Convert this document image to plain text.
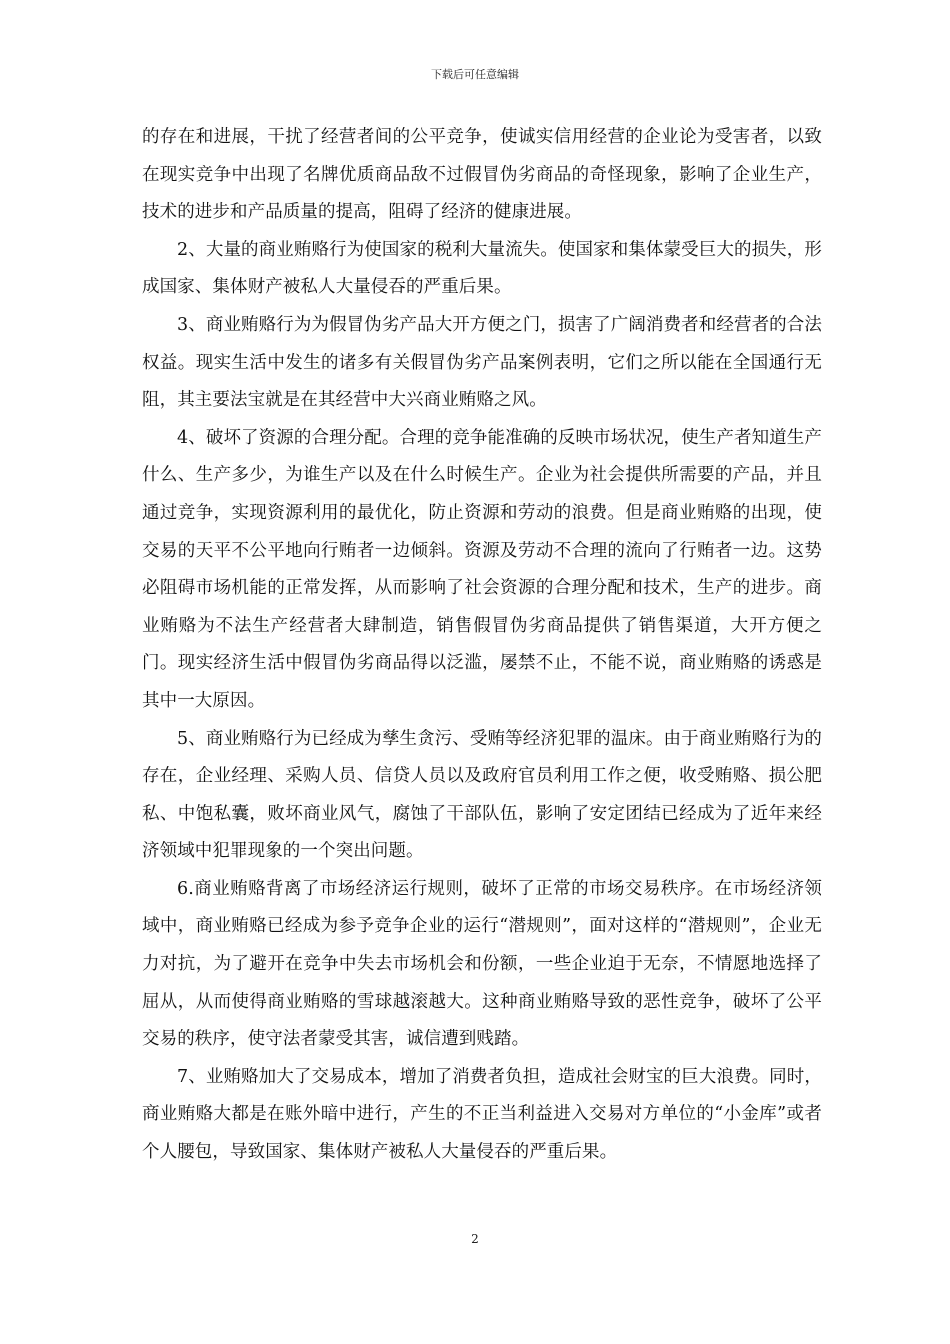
下载后可任意编辑

的存在和进展，干扰了经营者间的公平竞争，使诚实信用经营的企业论为受害者，以致在现实竞争中出现了名牌优质商品敌不过假冒伪劣商品的奇怪现象，影响了企业生产，技术的进步和产品质量的提高，阻碍了经济的健康进展。

2、大量的商业贿赂行为使国家的税利大量流失。使国家和集体蒙受巨大的损失，形成国家、集体财产被私人大量侵吞的严重后果。

3、商业贿赂行为为假冒伪劣产品大开方便之门，损害了广阔消费者和经营者的合法权益。现实生活中发生的诸多有关假冒伪劣产品案例表明，它们之所以能在全国通行无阻，其主要法宝就是在其经营中大兴商业贿赂之风。

4、破坏了资源的合理分配。合理的竞争能准确的反映市场状况，使生产者知道生产什么、生产多少，为谁生产以及在什么时候生产。企业为社会提供所需要的产品，并且通过竞争，实现资源利用的最优化，防止资源和劳动的浪费。但是商业贿赂的出现，使交易的天平不公平地向行贿者一边倾斜。资源及劳动不合理的流向了行贿者一边。这势必阻碍市场机能的正常发挥，从而影响了社会资源的合理分配和技术，生产的进步。商业贿赂为不法生产经营者大肆制造，销售假冒伪劣商品提供了销售渠道，大开方便之门。现实经济生活中假冒伪劣商品得以泛滥，屡禁不止，不能不说，商业贿赂的诱惑是其中一大原因。

5、商业贿赂行为已经成为孳生贪污、受贿等经济犯罪的温床。由于商业贿赂行为的存在，企业经理、采购人员、信贷人员以及政府官员利用工作之便，收受贿赂、损公肥私、中饱私囊，败坏商业风气，腐蚀了干部队伍，影响了安定团结已经成为了近年来经济领域中犯罪现象的一个突出问题。

6.商业贿赂背离了市场经济运行规则，破坏了正常的市场交易秩序。在市场经济领域中，商业贿赂已经成为参予竞争企业的运行“潜规则”，面对这样的“潜规则”，企业无力对抗，为了避开在竞争中失去市场机会和份额，一些企业迫于无奈，不情愿地选择了屈从，从而使得商业贿赂的雪球越滚越大。这种商业贿赂导致的恶性竞争，破坏了公平交易的秩序，使守法者蒙受其害，诚信遭到贱踏。

7、业贿赂加大了交易成本，增加了消费者负担，造成社会财宝的巨大浪费。同时，商业贿赂大都是在账外暗中进行，产生的不正当利益进入交易对方单位的“小金库”或者个人腰包，导致国家、集体财产被私人大量侵吞的严重后果。

2
